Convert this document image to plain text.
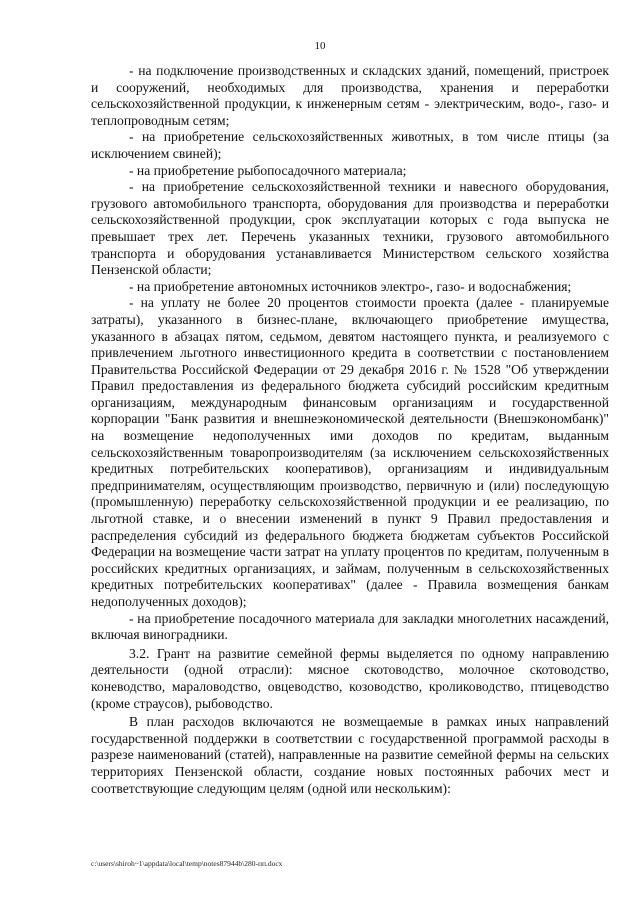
10

- на подключение производственных и складских зданий, помещений, пристроек и сооружений, необходимых для производства, хранения и переработки сельскохозяйственной продукции, к инженерным сетям - электрическим, водо-, газо- и теплопроводным сетям;

- на приобретение сельскохозяйственных животных, в том числе птицы (за исключением свиней);

- на приобретение рыбопосадочного материала;

- на приобретение сельскохозяйственной техники и навесного оборудования, грузового автомобильного транспорта, оборудования для производства и переработки сельскохозяйственной продукции, срок эксплуатации которых с года выпуска не превышает трех лет. Перечень указанных техники, грузового автомобильного транспорта и оборудования устанавливается Министерством сельского хозяйства Пензенской области;

- на приобретение автономных источников электро-, газо- и водоснабжения;

- на уплату не более 20 процентов стоимости проекта (далее - планируемые затраты), указанного в бизнес-плане, включающего приобретение имущества, указанного в абзацах пятом, седьмом, девятом настоящего пункта, и реализуемого с привлечением льготного инвестиционного кредита в соответствии с постановлением Правительства Российской Федерации от 29 декабря 2016 г. № 1528 "Об утверждении Правил предоставления из федерального бюджета субсидий российским кредитным организациям, международным финансовым организациям и государственной корпорации "Банк развития и внешнеэкономической деятельности (Внешэкономбанк)" на возмещение недополученных ими доходов по кредитам, выданным сельскохозяйственным товаропроизводителям (за исключением сельскохозяйственных кредитных потребительских кооперативов), организациям и индивидуальным предпринимателям, осуществляющим производство, первичную и (или) последующую (промышленную) переработку сельскохозяйственной продукции и ее реализацию, по льготной ставке, и о внесении изменений в пункт 9 Правил предоставления и распределения субсидий из федерального бюджета бюджетам субъектов Российской Федерации на возмещение части затрат на уплату процентов по кредитам, полученным в российских кредитных организациях, и займам, полученным в сельскохозяйственных кредитных потребительских кооперативах" (далее - Правила возмещения банкам недополученных доходов);

- на приобретение посадочного материала для закладки многолетних насаждений, включая виноградники.

3.2. Грант на развитие семейной фермы выделяется по одному направлению деятельности (одной отрасли): мясное скотоводство, молочное скотоводство, коневодство, мараловодство, овцеводство, козоводство, кролиководство, птицеводство (кроме страусов), рыбоводство.

В план расходов включаются не возмещаемые в рамках иных направлений государственной поддержки в соответствии с государственной программой расходы в разрезе наименований (статей), направленные на развитие семейной фермы на сельских территориях Пензенской области, создание новых постоянных рабочих мест и соответствующие следующим целям (одной или нескольким):

c:\users\shiroh~1\appdata\local\temp\notes87944b\280-пп.docx
